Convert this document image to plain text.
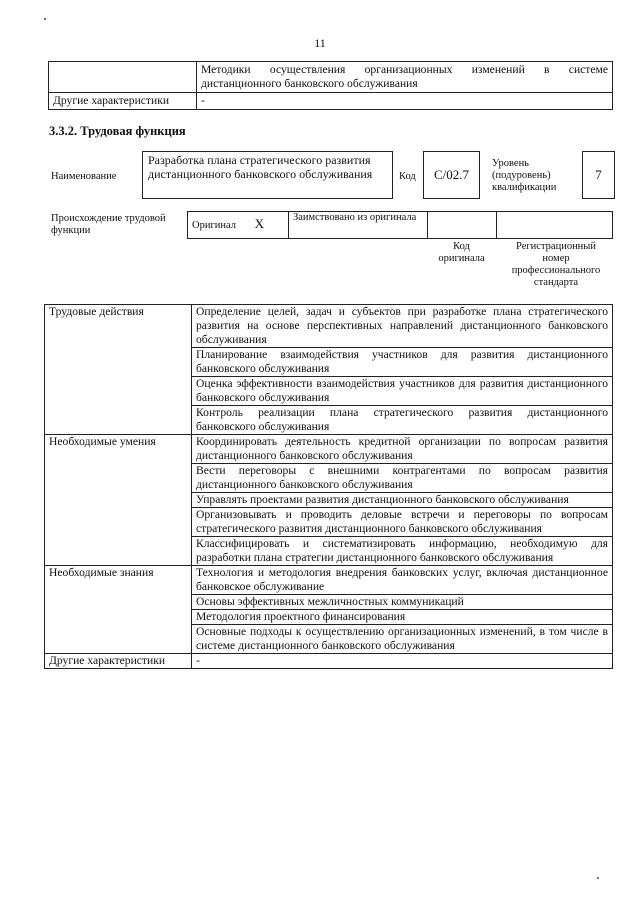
11
	Методики осуществления организационных изменений в системе дистанционного банковского обслуживания
Другие характеристики	-
3.3.2. Трудовая функция
Наименование
Разработка плана стратегического развития дистанционного банковского обслуживания	Код	C/02.7
Уровень (подуровень) квалификации
7
Происхождение трудовой функции	Оригинал X	Заимствовано из оригинала		
Код оригинала
Регистрационный номер профессионального стандарта
Трудовые действия	Определение целей, задач и субъектов при разработке плана стратегического развития на основе перспективных направлений дистанционного банковского обслуживания
	Планирование взаимодействия участников для развития дистанционного банковского обслуживания
	Оценка эффективности взаимодействия участников для развития дистанционного банковского обслуживания
	Контроль реализации плана стратегического развития дистанционного банковского обслуживания
Необходимые умения	Координировать деятельность кредитной организации по вопросам развития дистанционного банковского обслуживания
	Вести переговоры с внешними контрагентами по вопросам развития дистанционного банковского обслуживания
	Управлять проектами развития дистанционного банковского обслуживания
	Организовывать и проводить деловые встречи и переговоры по вопросам стратегического развития дистанционного банковского обслуживания
	Классифицировать и систематизировать информацию, необходимую для разработки плана стратегии дистанционного банковского обслуживания
Необходимые знания	Технология и методология внедрения банковских услуг, включая дистанционное банковское обслуживание
	Основы эффективных межличностных коммуникаций
	Методология проектного финансирования
	Основные подходы к осуществлению организационных изменений, в том числе в системе дистанционного банковского обслуживания
Другие характеристики	-
